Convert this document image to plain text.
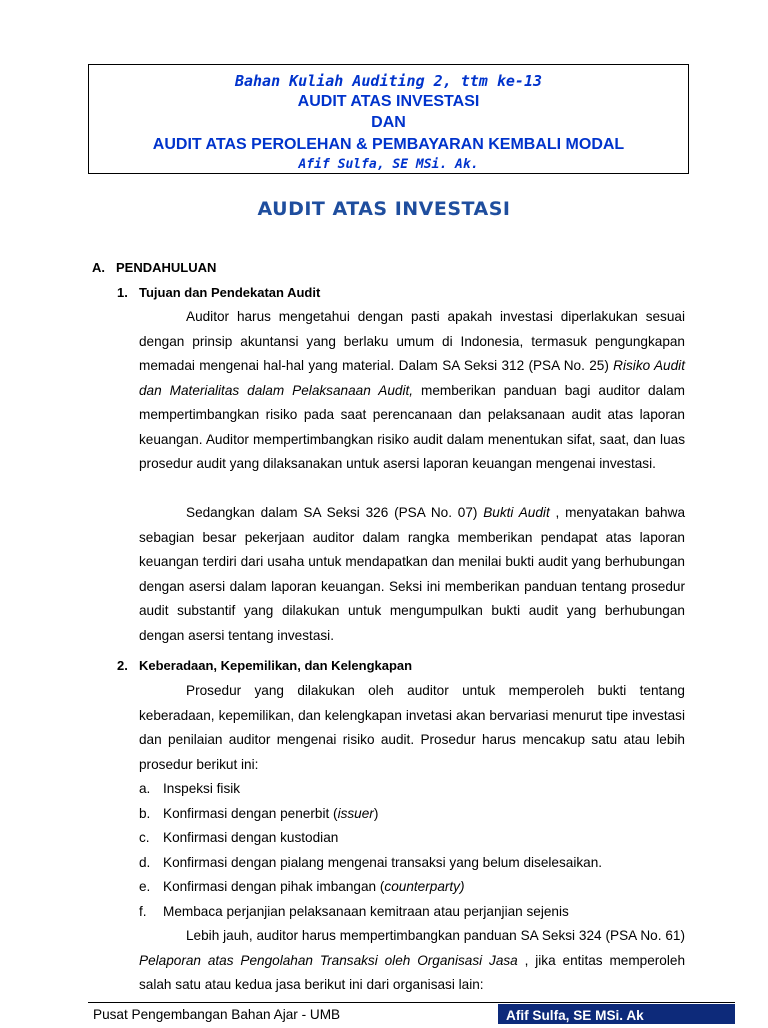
Bahan Kuliah Auditing 2, ttm ke-13
AUDIT ATAS INVESTASI
DAN
AUDIT ATAS PEROLEHAN & PEMBAYARAN KEMBALI MODAL
Afif Sulfa, SE MSi. Ak.
AUDIT ATAS INVESTASI
A. PENDAHULUAN
1. Tujuan dan Pendekatan Audit

Auditor harus mengetahui dengan pasti apakah investasi diperlakukan sesuai dengan prinsip akuntansi yang berlaku umum di Indonesia, termasuk pengungkapan memadai mengenai hal-hal yang material. Dalam SA Seksi 312 (PSA No. 25) Risiko Audit dan Materialitas dalam Pelaksanaan Audit, memberikan panduan bagi auditor dalam mempertimbangkan risiko pada saat perencanaan dan pelaksanaan audit atas laporan keuangan. Auditor mempertimbangkan risiko audit dalam menentukan sifat, saat, dan luas prosedur audit yang dilaksanakan untuk asersi laporan keuangan mengenai investasi.

Sedangkan dalam SA Seksi 326 (PSA No. 07) Bukti Audit , menyatakan bahwa sebagian besar pekerjaan auditor dalam rangka memberikan pendapat atas laporan keuangan terdiri dari usaha untuk mendapatkan dan menilai bukti audit yang berhubungan dengan asersi dalam laporan keuangan. Seksi ini memberikan panduan tentang prosedur audit substantif yang dilakukan untuk mengumpulkan bukti audit yang berhubungan dengan asersi tentang investasi.

2. Keberadaan, Kepemilikan, dan Kelengkapan

Prosedur yang dilakukan oleh auditor untuk memperoleh bukti tentang keberadaan, kepemilikan, dan kelengkapan invetasi akan bervariasi menurut tipe investasi dan penilaian auditor mengenai risiko audit. Prosedur harus mencakup satu atau lebih prosedur berikut ini:

a. Inspeksi fisik
b. Konfirmasi dengan penerbit (issuer)
c. Konfirmasi dengan kustodian
d. Konfirmasi dengan pialang mengenai transaksi yang belum diselesaikan.
e. Konfirmasi dengan pihak imbangan (counterparty)
f. Membaca perjanjian pelaksanaan kemitraan atau perjanjian sejenis

Lebih jauh, auditor harus mempertimbangkan panduan SA Seksi 324 (PSA No. 61) Pelaporan atas Pengolahan Transaksi oleh Organisasi Jasa , jika entitas memperoleh salah satu atau kedua jasa berikut ini dari organisasi lain:

Pusat Pengembangan Bahan Ajar - UMB	Afif Sulfa, SE MSi. Ak
